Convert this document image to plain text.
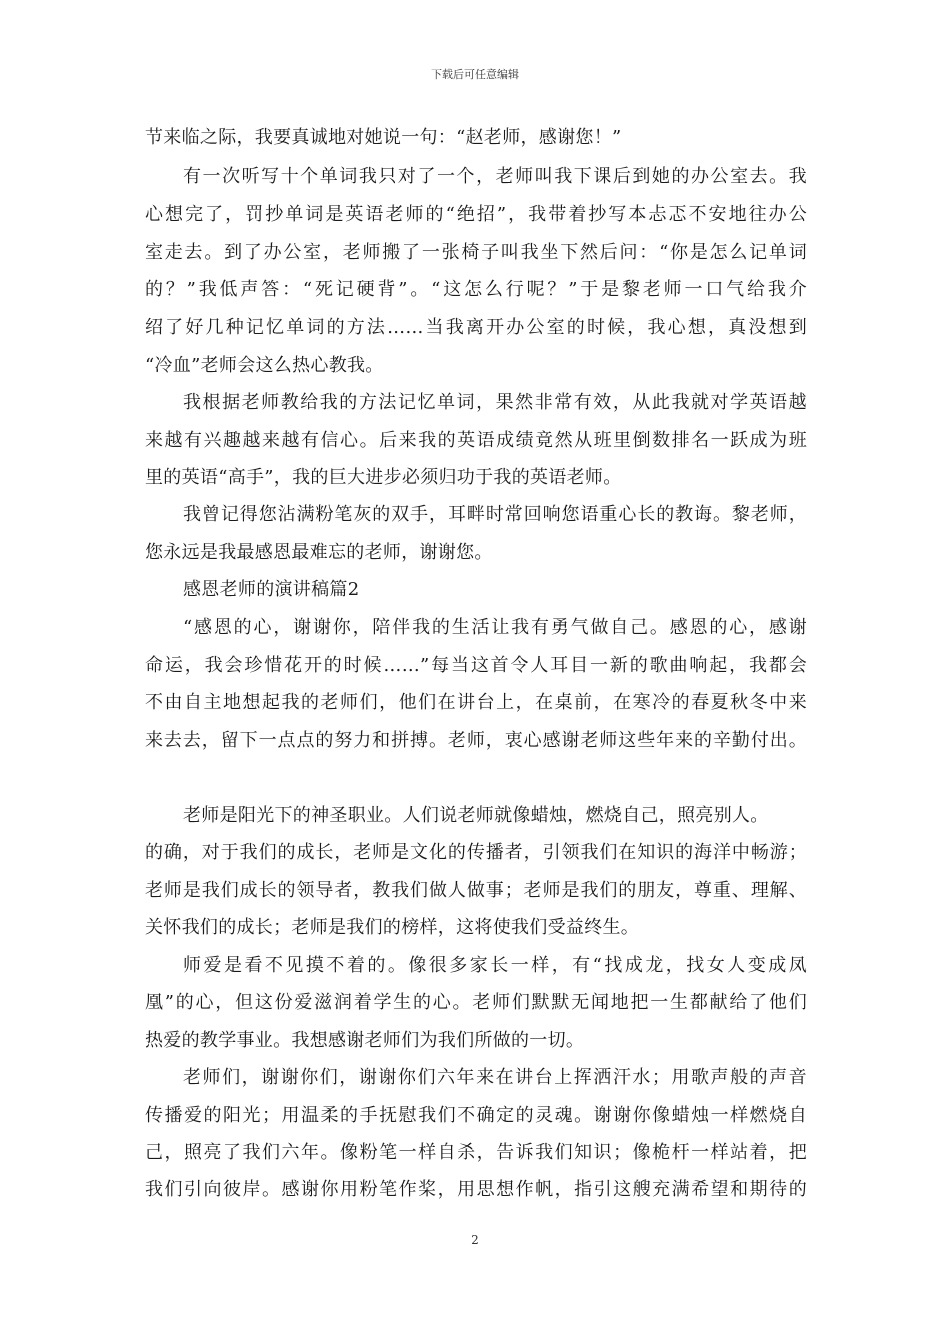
下载后可任意编辑
节来临之际，我要真诚地对她说一句：“赵老师，感谢您！”
有一次听写十个单词我只对了一个，老师叫我下课后到她的办公室去。我
心想完了，罚抄单词是英语老师的“绝招”，我带着抄写本忐忑不安地往办公
室走去。到了办公室，老师搬了一张椅子叫我坐下然后问：“你是怎么记单词
的？”我低声答：“死记硬背”。“这怎么行呢？”于是黎老师一口气给我介
绍了好几种记忆单词的方法……当我离开办公室的时候，我心想，真没想到
“冷血”老师会这么热心教我。
我根据老师教给我的方法记忆单词，果然非常有效，从此我就对学英语越
来越有兴趣越来越有信心。后来我的英语成绩竟然从班里倒数排名一跃成为班
里的英语“高手”，我的巨大进步必须归功于我的英语老师。
我曾记得您沾满粉笔灰的双手，耳畔时常回响您语重心长的教诲。黎老师，
您永远是我最感恩最难忘的老师，谢谢您。
感恩老师的演讲稿篇2
“感恩的心，谢谢你，陪伴我的生活让我有勇气做自己。感恩的心，感谢
命运，我会珍惜花开的时候……”每当这首令人耳目一新的歌曲响起，我都会
不由自主地想起我的老师们，他们在讲台上，在桌前，在寒冷的春夏秋冬中来
来去去，留下一点点的努力和拼搏。老师，衷心感谢老师这些年来的辛勤付出。
老师是阳光下的神圣职业。人们说老师就像蜡烛，燃烧自己，照亮别人。
的确，对于我们的成长，老师是文化的传播者，引领我们在知识的海洋中畅游；
老师是我们成长的领导者，教我们做人做事；老师是我们的朋友，尊重、理解、
关怀我们的成长；老师是我们的榜样，这将使我们受益终生。
师爱是看不见摸不着的。像很多家长一样，有“找成龙，找女人变成凤
凰”的心，但这份爱滋润着学生的心。老师们默默无闻地把一生都献给了他们
热爱的教学事业。我想感谢老师们为我们所做的一切。
老师们，谢谢你们，谢谢你们六年来在讲台上挥洒汗水；用歌声般的声音
传播爱的阳光；用温柔的手抚慰我们不确定的灵魂。谢谢你像蜡烛一样燃烧自
己，照亮了我们六年。像粉笔一样自杀，告诉我们知识；像桅杆一样站着，把
我们引向彼岸。感谢你用粉笔作桨，用思想作帆，指引这艘充满希望和期待的
2
